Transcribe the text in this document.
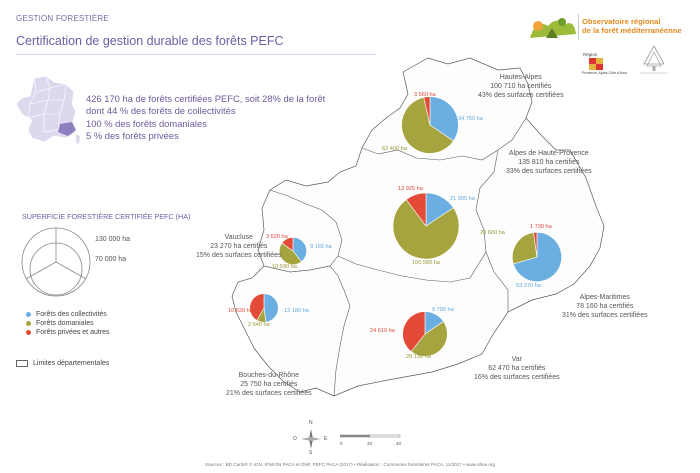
GESTION FORESTIÈRE
Certification de gestion durable des forêts PEFC
Observatoire régional
de la forêt méditerranéenne
Région
Provence-Alpes-Côte d'Azur
426 170 ha de forêts certifiées PEFC, soit 28% de la forêt
dont 44 % des forêts de collectivités
100 % des forêts domaniales
5 % des forêts privées
Hautes-Alpes
100 710 ha certifiés
43% des surfaces certifiées
Alpes de Haute-Provence
135 810 ha certifiés
33% des surfaces certifiées
Vaucluse
23 270 ha certifiés
15% des surfaces certifiées
Alpes-Maritimes
78 160 ha certifiés
31% des surfaces certifiées
Bouches-du-Rhône
25 750 ha certifiés
21% des surfaces certifiées
Var
62 470 ha certifiés
16% des surfaces certifiées
3 560 ha
34 750 ha
62 400 ha
13 925 ha
21 305 ha
100 580 ha
3 520 ha
9 165 ha
10 590 ha
1 730 ha
20 600 ha
53 370 ha
10 620 ha	12 180 ha
2 640 ha
9 700 ha
24 610 ha
28 130 ha
SUPERFICIE FORESTIÈRE CERTIFIÉE PEFC (HA)
130 000 ha
70 000 ha
Forêts des collectivités
Forêts domaniales
Forêts privées et autres
Limites départementales
N
S
E
O
0	20	40
Sources : BD Carto® © IGN, IFN/IGN PACA et ONF, PEFC PACA (2017) • Réalisation : Communes forestières PACA, 11/2017 • www.ofme.org
